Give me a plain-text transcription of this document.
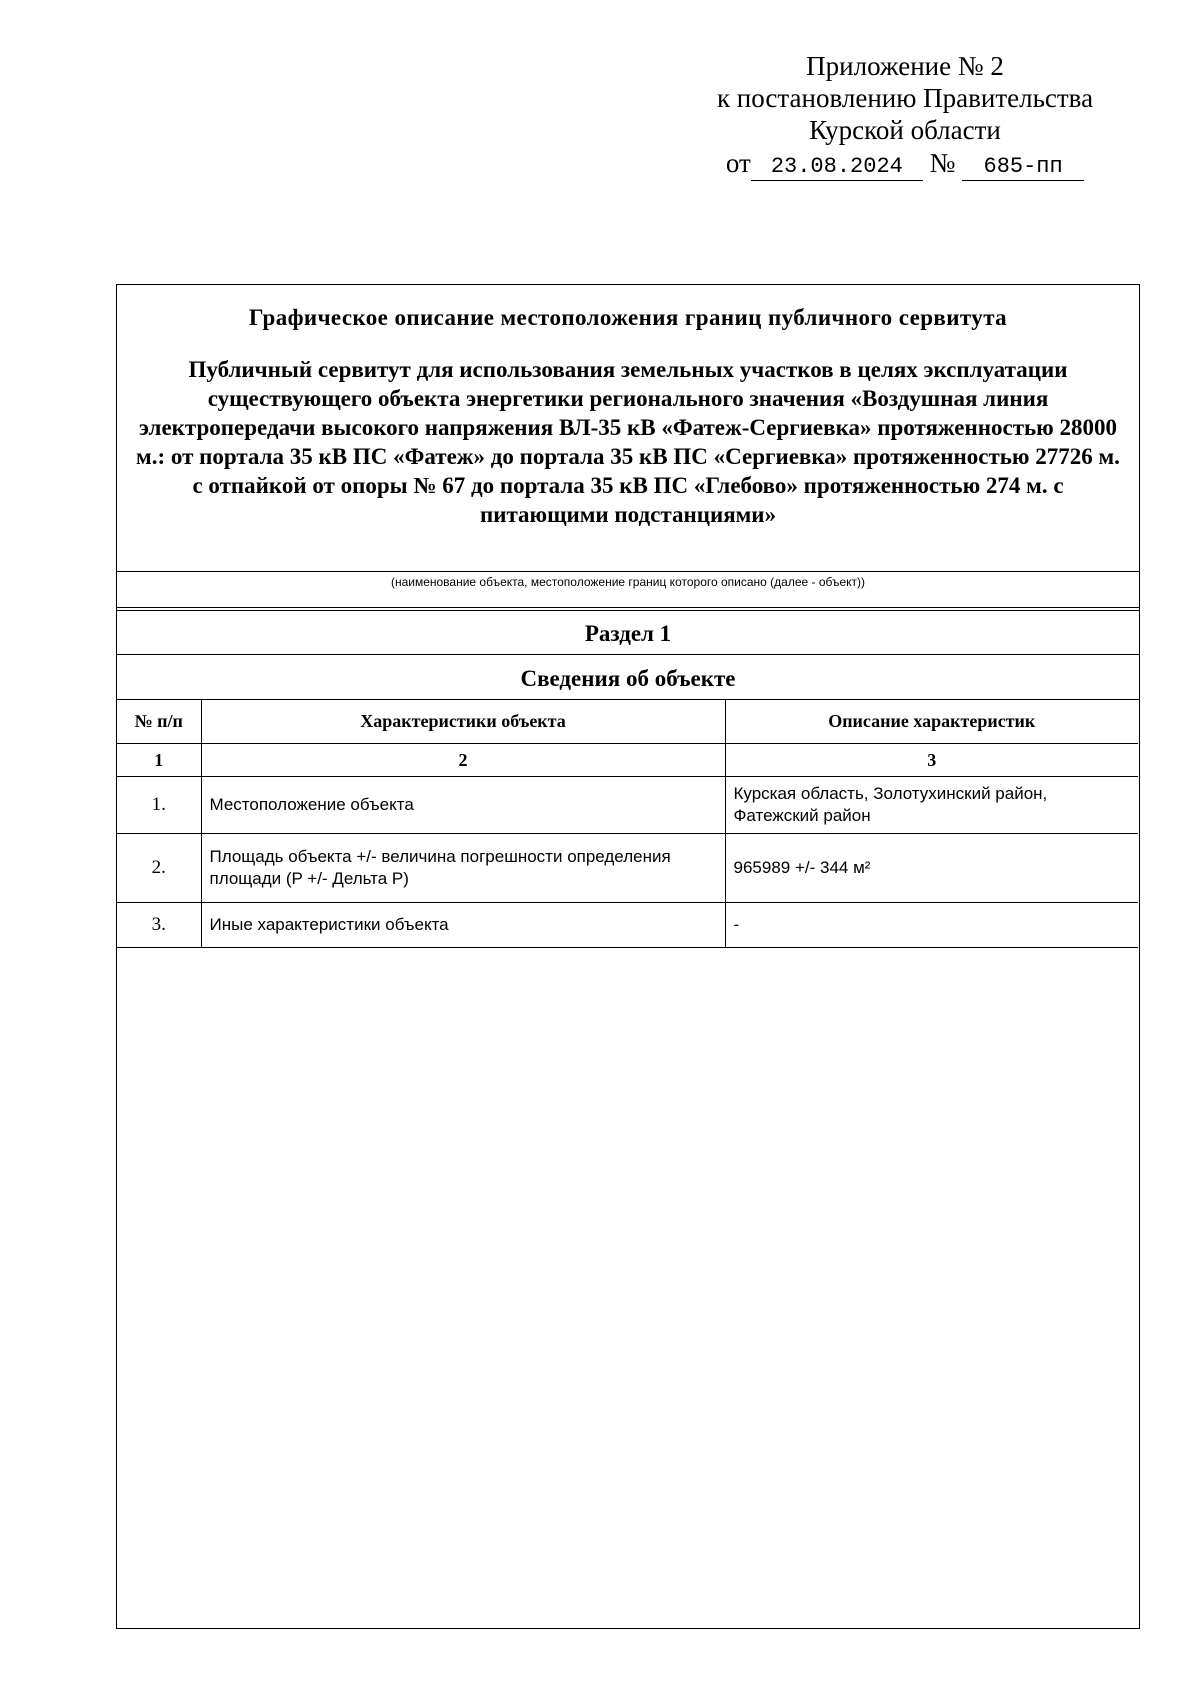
Приложение № 2
к постановлению Правительства
Курской области
от 23.08.2024 № 685-пп
Графическое описание местоположения границ публичного сервитута
Публичный сервитут для использования земельных участков в целях эксплуатации существующего объекта энергетики регионального значения «Воздушная линия электропередачи высокого напряжения ВЛ-35 кВ «Фатеж-Сергиевка» протяженностью 28000 м.: от портала 35 кВ ПС «Фатеж» до портала 35 кВ ПС «Сергиевка» протяженностью 27726 м. с отпайкой от опоры № 67 до портала 35 кВ ПС «Глебово» протяженностью 274 м. с питающими подстанциями»
(наименование объекта, местоположение границ которого описано (далее - объект))
Раздел 1
Сведения об объекте
№ п/п	Характеристики объекта	Описание характеристик
1	2	3
1.	Местоположение объекта	Курская область, Золотухинский район, Фатежский район
2.	Площадь объекта +/- величина погрешности определения площади (P +/- Дельта P)	965989 +/- 344 м²
3.	Иные характеристики объекта	-
